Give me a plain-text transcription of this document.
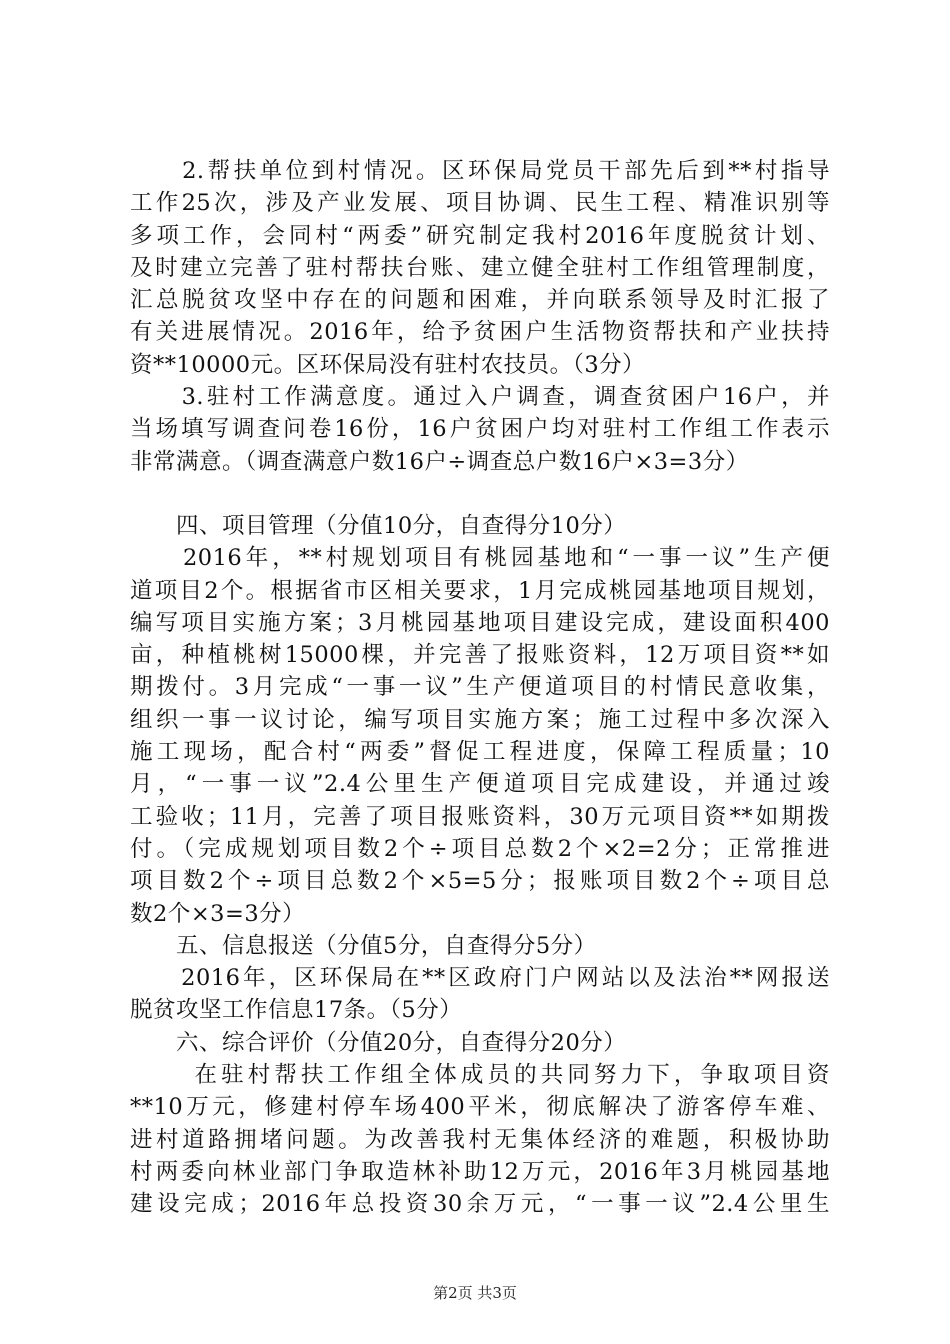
　　2.帮扶单位到村情况。区环保局党员干部先后到**村指导
工作25次，涉及产业发展、项目协调、民生工程、精准识别等
多项工作，会同村“两委”研究制定我村2016年度脱贫计划、
及时建立完善了驻村帮扶台账、建立健全驻村工作组管理制度，
汇总脱贫攻坚中存在的问题和困难，并向联系领导及时汇报了
有关进展情况。2016年，给予贫困户生活物资帮扶和产业扶持
资**10000元。区环保局没有驻村农技员。（3分）
　　3.驻村工作满意度。通过入户调查，调查贫困户16户，并
当场填写调查问卷16份，16户贫困户均对驻村工作组工作表示
非常满意。（调查满意户数16户÷调查总户数16户×3=3分）
　　四、项目管理（分值10分，自查得分10分）
　　2016年，**村规划项目有桃园基地和“一事一议”生产便
道项目2个。根据省市区相关要求，1月完成桃园基地项目规划，
编写项目实施方案；3月桃园基地项目建设完成，建设面积400
亩，种植桃树15000棵，并完善了报账资料，12万项目资**如
期拨付。3月完成“一事一议”生产便道项目的村情民意收集，
组织一事一议讨论，编写项目实施方案；施工过程中多次深入
施工现场，配合村“两委”督促工程进度，保障工程质量；10
月，“一事一议”2.4公里生产便道项目完成建设，并通过竣
工验收；11月，完善了项目报账资料，30万元项目资**如期拨
付。（完成规划项目数2个÷项目总数2个×2=2分；正常推进
项目数2个÷项目总数2个×5=5分；报账项目数2个÷项目总
数2个×3=3分）
　　五、信息报送（分值5分，自查得分5分）
　　2016年，区环保局在**区政府门户网站以及法治**网报送
脱贫攻坚工作信息17条。（5分）
　　六、综合评价（分值20分，自查得分20分）
　　 在驻村帮扶工作组全体成员的共同努力下，争取项目资
**10万元，修建村停车场400平米，彻底解决了游客停车难、
进村道路拥堵问题。为改善我村无集体经济的难题，积极协助
村两委向林业部门争取造林补助12万元，2016年3月桃园基地
建设完成；2016年总投资30余万元，“一事一议”2.4公里生
第2页 共3页
